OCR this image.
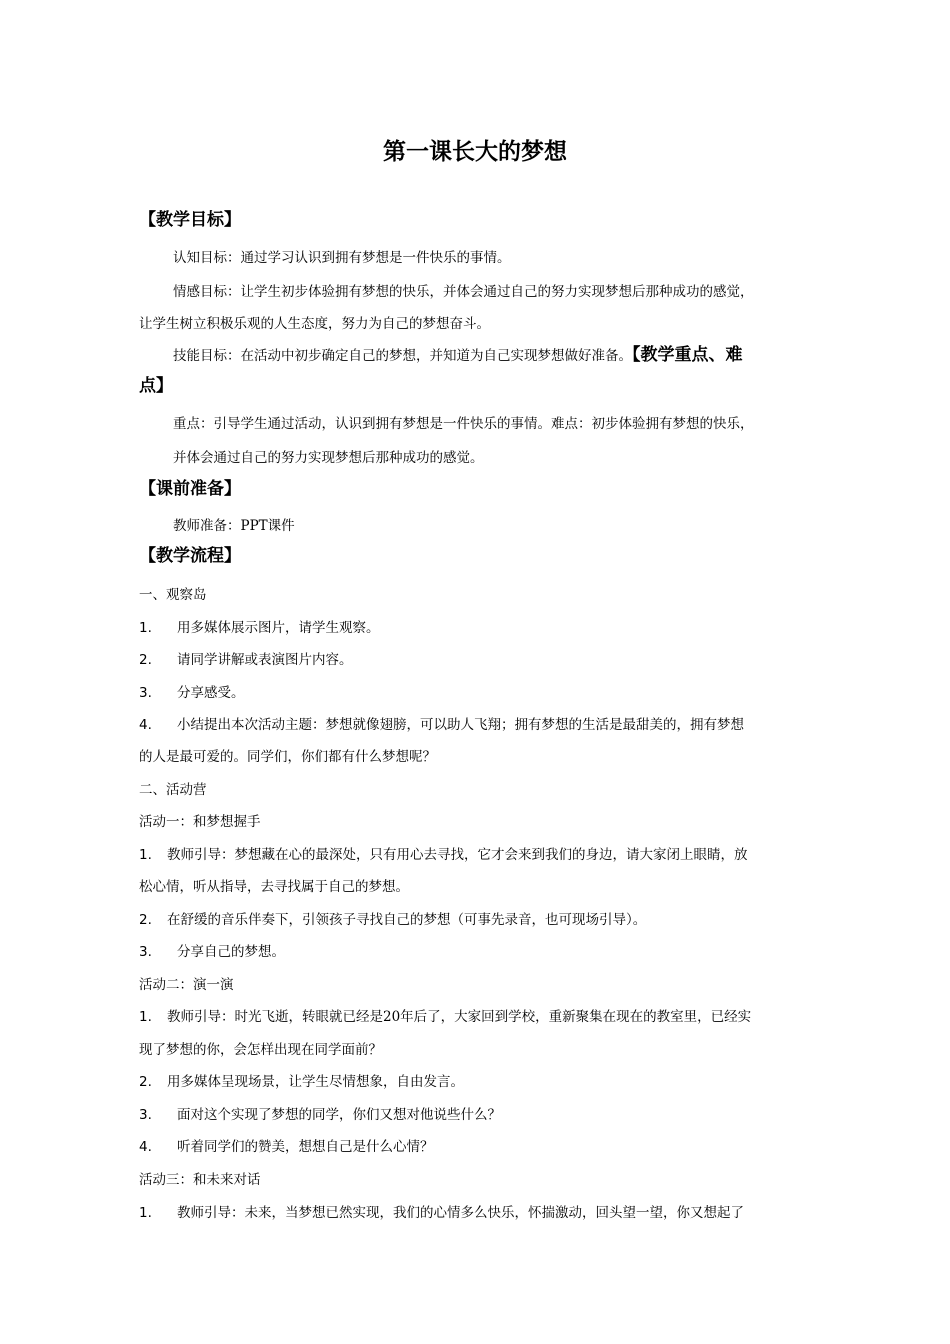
第一课长大的梦想
【教学目标】
认知目标：通过学习认识到拥有梦想是一件快乐的事情。
情感目标：让学生初步体验拥有梦想的快乐，并体会通过自己的努力实现梦想后那种成功的感觉，
让学生树立积极乐观的人生态度，努力为自己的梦想奋斗。
技能目标：在活动中初步确定自己的梦想，并知道为自己实现梦想做好准备。【教学重点、难
点】
重点：引导学生通过活动，认识到拥有梦想是一件快乐的事情。难点：初步体验拥有梦想的快乐，
并体会通过自己的努力实现梦想后那种成功的感觉。
【课前准备】
教师准备：PPT课件
【教学流程】
一、观察岛
1. 用多媒体展示图片，请学生观察。
2. 请同学讲解或表演图片内容。
3. 分享感受。
4. 小结提出本次活动主题：梦想就像翅膀，可以助人飞翔；拥有梦想的生活是最甜美的，拥有梦想
的人是最可爱的。同学们，你们都有什么梦想呢？
二、活动营
活动一：和梦想握手
1. 教师引导：梦想藏在心的最深处，只有用心去寻找，它才会来到我们的身边，请大家闭上眼睛，放
松心情，听从指导，去寻找属于自己的梦想。
2. 在舒缓的音乐伴奏下，引领孩子寻找自己的梦想（可事先录音，也可现场引导）。
3. 分享自己的梦想。
活动二：演一演
1. 教师引导：时光飞逝，转眼就已经是20年后了，大家回到学校，重新聚集在现在的教室里，已经实
现了梦想的你，会怎样出现在同学面前？
2. 用多媒体呈现场景，让学生尽情想象，自由发言。
3. 面对这个实现了梦想的同学，你们又想对他说些什么？
4. 听着同学们的赞美，想想自己是什么心情？
活动三：和未来对话
1. 教师引导：未来，当梦想已然实现，我们的心情多么快乐，怀揣激动，回头望一望，你又想起了
